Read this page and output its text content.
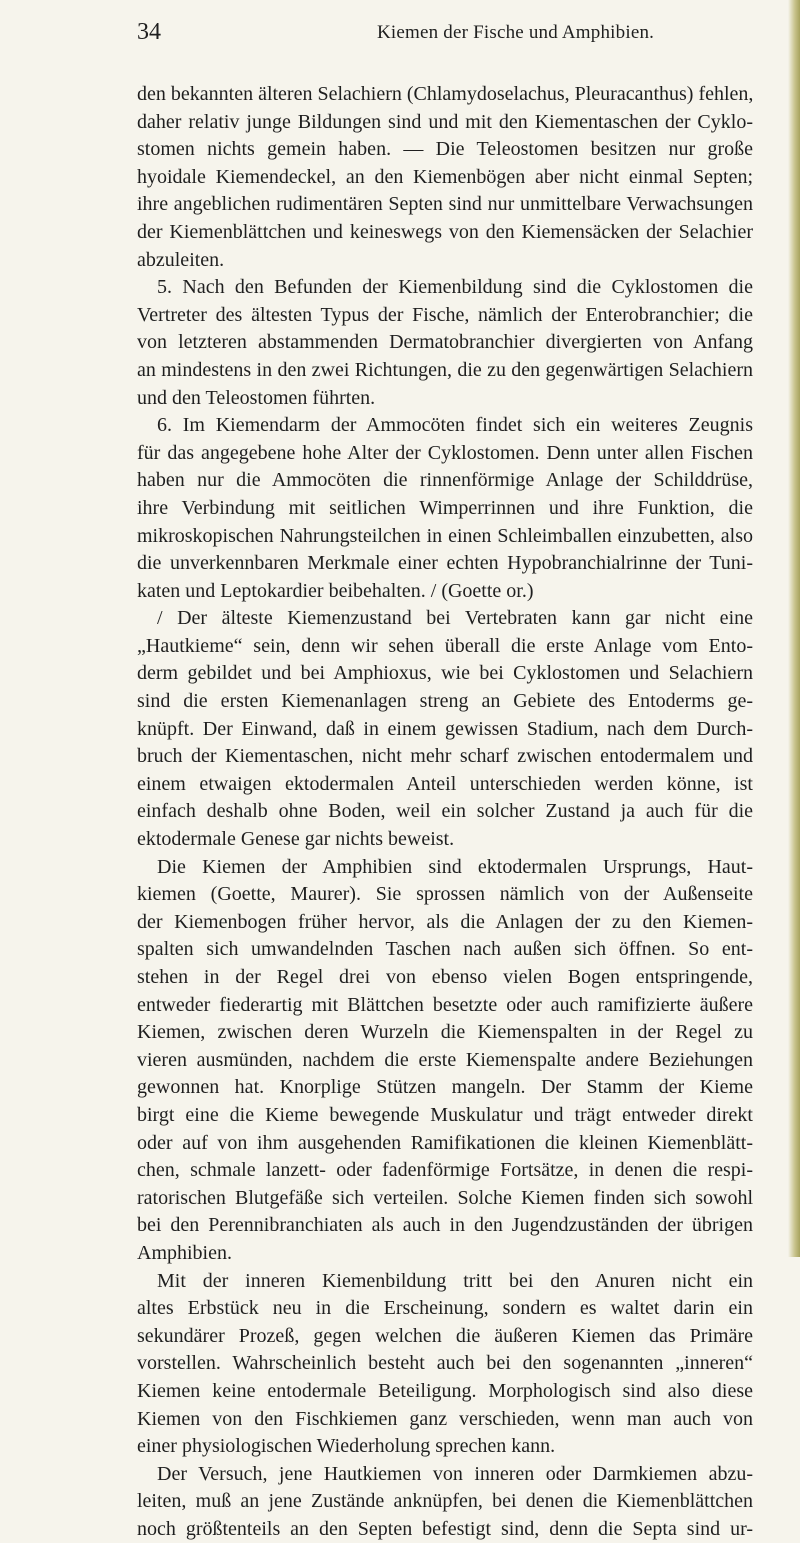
34	Kiemen der Fische und Amphibien.
den bekannten älteren Selachiern (Chlamydoselachus, Pleuracanthus) fehlen,
daher relativ junge Bildungen sind und mit den Kiementaschen der Cyklo-
stomen nichts gemein haben. — Die Teleostomen besitzen nur große
hyoidale Kiemendeckel, an den Kiemenbögen aber nicht einmal Septen;
ihre angeblichen rudimentären Septen sind nur unmittelbare Verwachsungen
der Kiemenblättchen und keineswegs von den Kiemensäcken der Selachier
abzuleiten.
5. Nach den Befunden der Kiemenbildung sind die Cyklostomen die
Vertreter des ältesten Typus der Fische, nämlich der Enterobranchier; die
von letzteren abstammenden Dermatobranchier divergierten von Anfang
an mindestens in den zwei Richtungen, die zu den gegenwärtigen Selachiern
und den Teleostomen führten.
6. Im Kiemendarm der Ammocöten findet sich ein weiteres Zeugnis
für das angegebene hohe Alter der Cyklostomen. Denn unter allen Fischen
haben nur die Ammocöten die rinnenförmige Anlage der Schilddrüse,
ihre Verbindung mit seitlichen Wimperrinnen und ihre Funktion, die
mikroskopischen Nahrungsteilchen in einen Schleimballen einzubetten, also
die unverkennbaren Merkmale einer echten Hypobranchialrinne der Tuni-
katen und Leptokardier beibehalten. / (Goette or.)
/ Der älteste Kiemenzustand bei Vertebraten kann gar nicht eine
„Hautkieme“ sein, denn wir sehen überall die erste Anlage vom Ento-
derm gebildet und bei Amphioxus, wie bei Cyklostomen und Selachiern
sind die ersten Kiemenanlagen streng an Gebiete des Entoderms ge-
knüpft. Der Einwand, daß in einem gewissen Stadium, nach dem Durch-
bruch der Kiementaschen, nicht mehr scharf zwischen entodermalem und
einem etwaigen ektodermalen Anteil unterschieden werden könne, ist
einfach deshalb ohne Boden, weil ein solcher Zustand ja auch für die
ektodermale Genese gar nichts beweist.
Die Kiemen der Amphibien sind ektodermalen Ursprungs, Haut-
kiemen (Goette, Maurer). Sie sprossen nämlich von der Außenseite
der Kiemenbogen früher hervor, als die Anlagen der zu den Kiemen-
spalten sich umwandelnden Taschen nach außen sich öffnen. So ent-
stehen in der Regel drei von ebenso vielen Bogen entspringende,
entweder fiederartig mit Blättchen besetzte oder auch ramifizierte äußere
Kiemen, zwischen deren Wurzeln die Kiemenspalten in der Regel zu
vieren ausmünden, nachdem die erste Kiemenspalte andere Beziehungen
gewonnen hat. Knorplige Stützen mangeln. Der Stamm der Kieme
birgt eine die Kieme bewegende Muskulatur und trägt entweder direkt
oder auf von ihm ausgehenden Ramifikationen die kleinen Kiemenblätt-
chen, schmale lanzett- oder fadenförmige Fortsätze, in denen die respi-
ratorischen Blutgefäße sich verteilen. Solche Kiemen finden sich sowohl
bei den Perennibranchiaten als auch in den Jugendzuständen der übrigen
Amphibien.
Mit der inneren Kiemenbildung tritt bei den Anuren nicht ein
altes Erbstück neu in die Erscheinung, sondern es waltet darin ein
sekundärer Prozeß, gegen welchen die äußeren Kiemen das Primäre
vorstellen. Wahrscheinlich besteht auch bei den sogenannten „inneren“
Kiemen keine entodermale Beteiligung. Morphologisch sind also diese
Kiemen von den Fischkiemen ganz verschieden, wenn man auch von
einer physiologischen Wiederholung sprechen kann.
Der Versuch, jene Hautkiemen von inneren oder Darmkiemen abzu-
leiten, muß an jene Zustände anknüpfen, bei denen die Kiemenblättchen
noch größtenteils an den Septen befestigt sind, denn die Septa sind ur-
